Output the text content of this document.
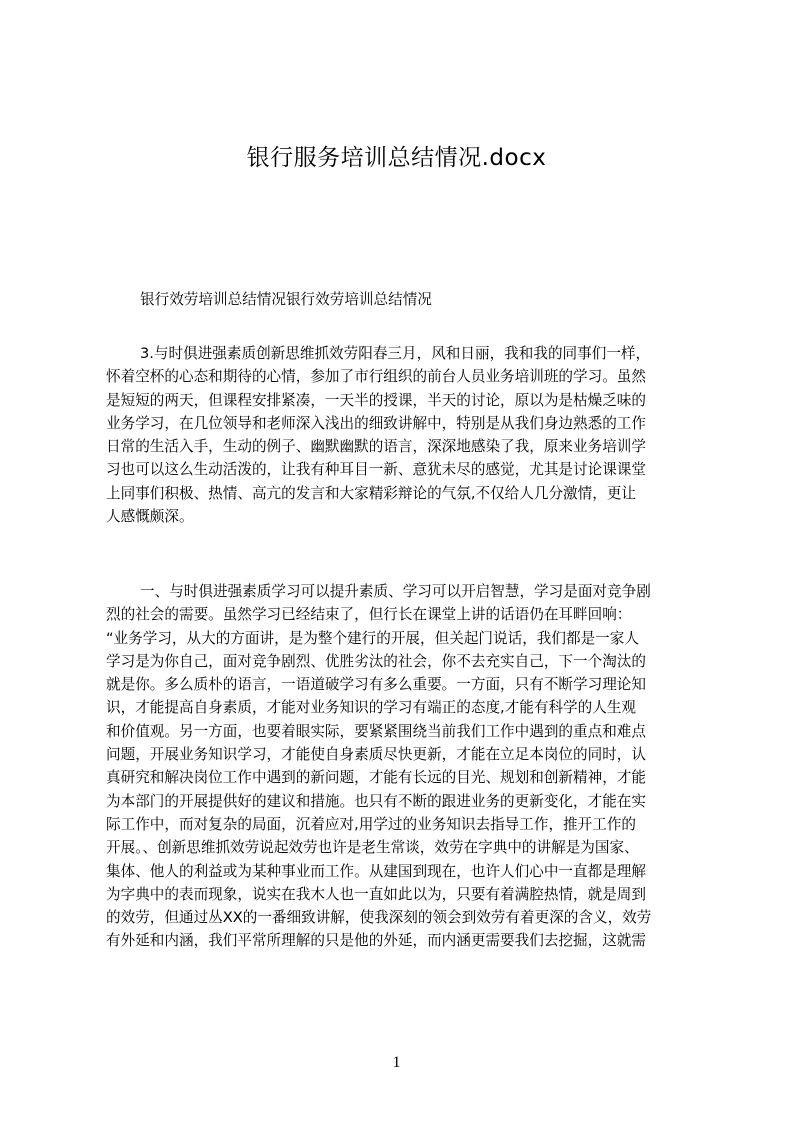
银行服务培训总结情况.docx
银行效劳培训总结情况银行效劳培训总结情况
3.与时俱进强素质创新思维抓效劳阳春三月，风和日丽，我和我的同事们一样，
怀着空杯的心态和期待的心情，参加了市行组织的前台人员业务培训班的学习。虽然
是短短的两天，但课程安排紧凑，一天半的授课，半天的讨论，原以为是枯燥乏味的
业务学习，在几位领导和老师深入浅出的细致讲解中，特别是从我们身边熟悉的工作
日常的生活入手，生动的例子、幽默幽默的语言，深深地感染了我，原来业务培训学
习也可以这么生动活泼的，让我有种耳目一新、意犹未尽的感觉，尤其是讨论课课堂
上同事们积极、热情、高亢的发言和大家精彩辩论的气氛,不仅给人几分激情，更让
人感慨颇深。
一、与时俱进强素质学习可以提升素质、学习可以开启智慧，学习是面对竞争剧
烈的社会的需要。虽然学习已经结束了，但行长在课堂上讲的话语仍在耳畔回响：
“业务学习，从大的方面讲，是为整个建行的开展，但关起门说话，我们都是一家人
学习是为你自己，面对竞争剧烈、优胜劣汰的社会，你不去充实自己，下一个淘汰的
就是你。多么质朴的语言，一语道破学习有多么重要。一方面，只有不断学习理论知
识，才能提高自身素质，才能对业务知识的学习有端正的态度,才能有科学的人生观
和价值观。另一方面，也要着眼实际，要紧紧围绕当前我们工作中遇到的重点和难点
问题，开展业务知识学习，才能使自身素质尽快更新，才能在立足本岗位的同时，认
真研究和解决岗位工作中遇到的新问题，才能有长远的目光、规划和创新精神，才能
为本部门的开展提供好的建议和措施。也只有不断的跟进业务的更新变化，才能在实
际工作中，而对复杂的局面，沉着应对,用学过的业务知识去指导工作，推开工作的
开展。、创新思维抓效劳说起效劳也许是老生常谈，效劳在字典中的讲解是为国家、
集体、他人的利益或为某种事业而工作。从建国到现在，也许人们心中一直都是理解
为字典中的表而现象，说实在我木人也一直如此以为，只要有着满腔热情，就是周到
的效劳，但通过丛XX的一番细致讲解，使我深刻的领会到效劳有着更深的含义，效劳
有外延和内涵，我们平常所理解的只是他的外延，而内涵更需要我们去挖掘，这就需
1
